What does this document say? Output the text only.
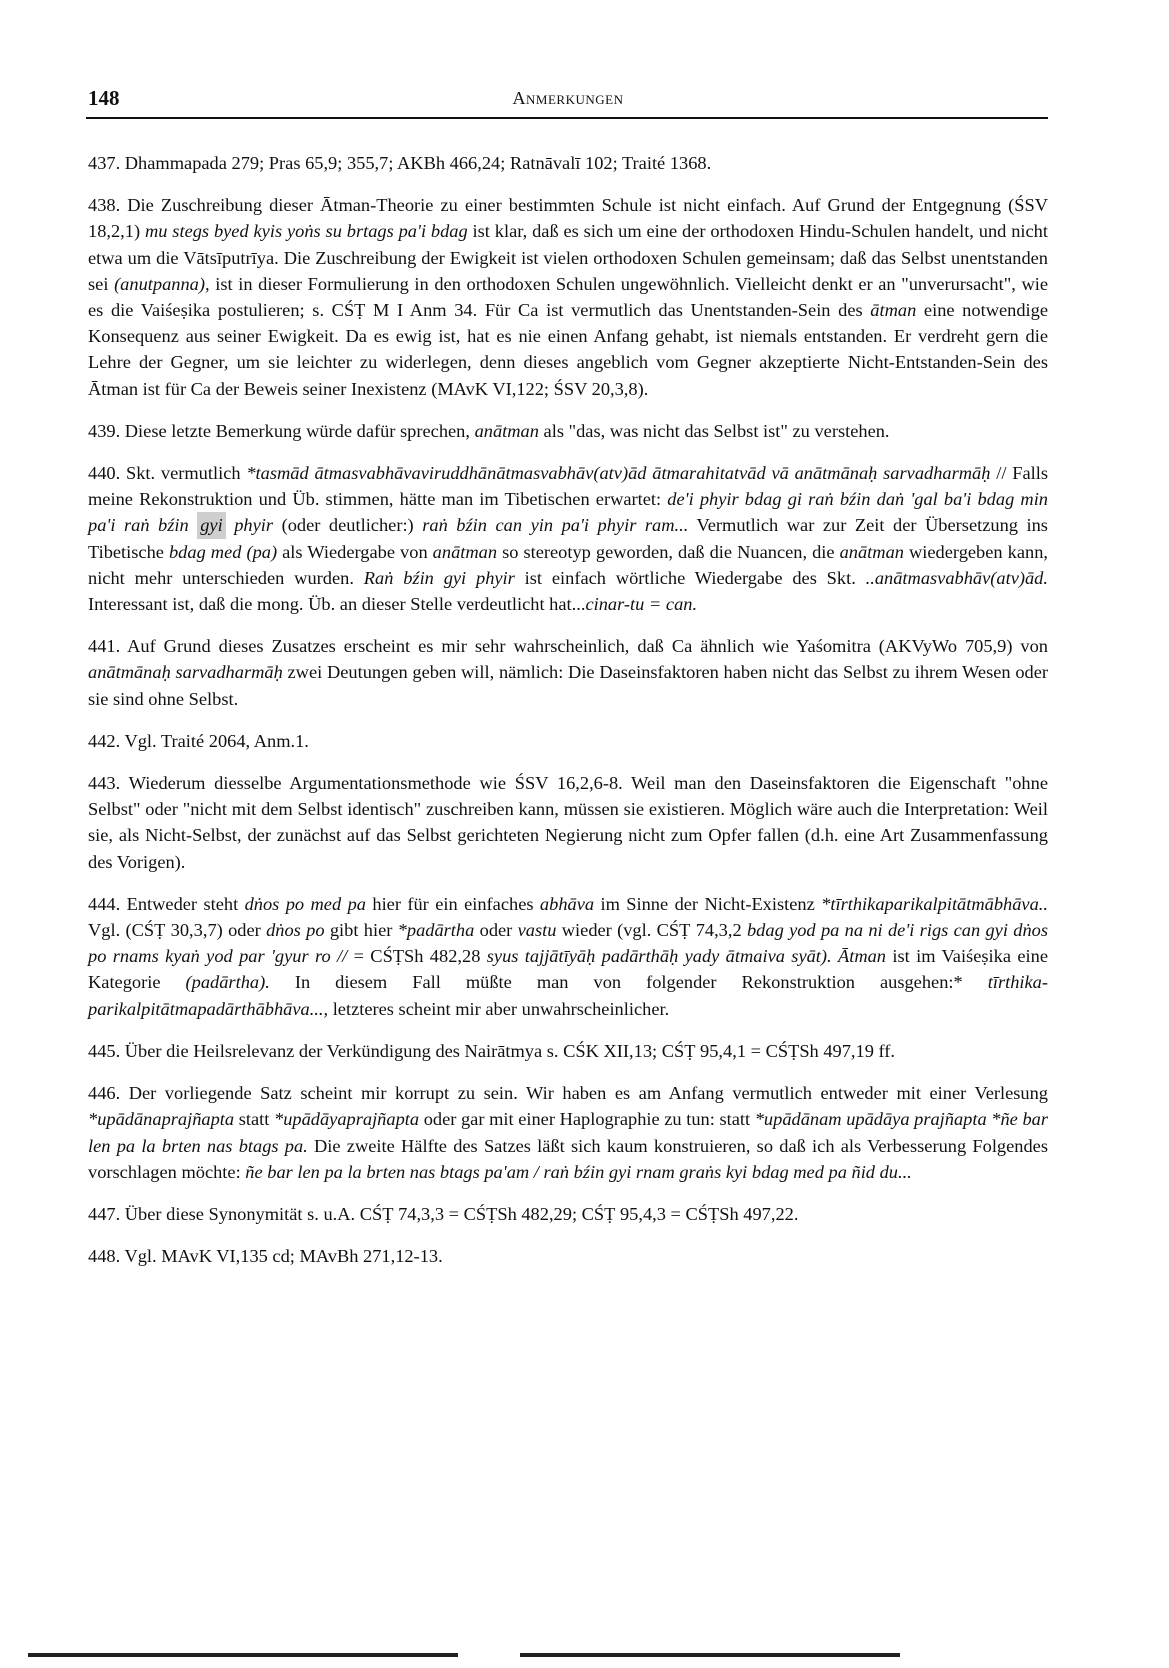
148	Anmerkungen

437. Dhammapada 279; Pras 65,9; 355,7; AKBh 466,24; Ratnāvalī 102; Traité 1368.

438. Die Zuschreibung dieser Ātman-Theorie zu einer bestimmten Schule ist nicht einfach. Auf Grund der Entgegnung (ŚSV 18,2,1) mu stegs byed kyis yoṅs su brtags pa'i bdag ist klar, daß es sich um eine der orthodoxen Hindu-Schulen handelt, und nicht etwa um die Vātsīputrīya. Die Zuschreibung der Ewigkeit ist vielen orthodoxen Schulen gemeinsam; daß das Selbst unentstanden sei (anutpanna), ist in dieser Formulierung in den orthodoxen Schulen ungewöhnlich. Vielleicht denkt er an "unverursacht", wie es die Vaiśeṣika postulieren; s. CŚṬ M I Anm 34. Für Ca ist vermutlich das Unentstanden-Sein des ātman eine notwendige Konsequenz aus seiner Ewigkeit. Da es ewig ist, hat es nie einen Anfang gehabt, ist niemals entstanden. Er verdreht gern die Lehre der Gegner, um sie leichter zu widerlegen, denn dieses angeblich vom Gegner akzeptierte Nicht-Entstanden-Sein des Ātman ist für Ca der Beweis seiner Inexistenz (MAvK VI,122; ŚSV 20,3,8).

439. Diese letzte Bemerkung würde dafür sprechen, anātman als "das, was nicht das Selbst ist" zu verstehen.

440. Skt. vermutlich *tasmād ātmasvabhāvaviruddhānātmasvabhāv(atv)ād ātmarahitatvād vā anātmānaḥ sarvadharmāḥ // Falls meine Rekonstruktion und Üb. stimmen, hätte man im Tibetischen erwartet: de'i phyir bdag gi raṅ bźin daṅ 'gal ba'i bdag min pa'i raṅ bźin gyi phyir (oder deutlicher:) raṅ bźin can yin pa'i phyir ram... Vermutlich war zur Zeit der Übersetzung ins Tibetische bdag med (pa) als Wiedergabe von anātman so stereotyp geworden, daß die Nuancen, die anātman wiedergeben kann, nicht mehr unterschieden wurden. Raṅ bźin gyi phyir ist einfach wörtliche Wiedergabe des Skt. ..anātmasvabhāv(atv)ād. Interessant ist, daß die mong. Üb. an dieser Stelle verdeutlicht hat...cinar-tu = can.

441. Auf Grund dieses Zusatzes erscheint es mir sehr wahrscheinlich, daß Ca ähnlich wie Yaśomitra (AKVyWo 705,9) von anātmānaḥ sarvadharmāḥ zwei Deutungen geben will, nämlich: Die Daseinsfaktoren haben nicht das Selbst zu ihrem Wesen oder sie sind ohne Selbst.

442. Vgl. Traité 2064, Anm.1.

443. Wiederum diesselbe Argumentationsmethode wie ŚSV 16,2,6-8. Weil man den Daseinsfaktoren die Eigenschaft "ohne Selbst" oder "nicht mit dem Selbst identisch" zuschreiben kann, müssen sie existieren. Möglich wäre auch die Interpretation: Weil sie, als Nicht-Selbst, der zunächst auf das Selbst gerichteten Negierung nicht zum Opfer fallen (d.h. eine Art Zusammenfassung des Vorigen).

444. Entweder steht dṅos po med pa hier für ein einfaches abhāva im Sinne der Nicht-Existenz *tīrthikaparikalpitātmābhāva.. Vgl. (CŚṬ 30,3,7) oder dṅos po gibt hier *padārtha oder vastu wieder (vgl. CŚṬ 74,3,2 bdag yod pa na ni de'i rigs can gyi dṅos po rnams kyaṅ yod par 'gyur ro // = CŚṬSh 482,28 syus tajjātīyāḥ padārthāḥ yady ātmaiva syāt). Ātman ist im Vaiśeṣika eine Kategorie (padārtha). In diesem Fall müßte man von folgender Rekonstruktion ausgehen:* tīrthika-parikalpitātmapadārthābhāva..., letzteres scheint mir aber unwahrscheinlicher.

445. Über die Heilsrelevanz der Verkündigung des Nairātmya s. CŚK XII,13; CŚṬ 95,4,1 = CŚṬSh 497,19 ff.

446. Der vorliegende Satz scheint mir korrupt zu sein. Wir haben es am Anfang vermutlich entweder mit einer Verlesung *upādānaprajñapta statt *upādāyaprajñapta oder gar mit einer Haplographie zu tun: statt *upādānam upādāya prajñapta *ñe bar len pa la brten nas btags pa. Die zweite Hälfte des Satzes läßt sich kaum konstruieren, so daß ich als Verbesserung Folgendes vorschlagen möchte: ñe bar len pa la brten nas btags pa'am / raṅ bźin gyi rnam graṅs kyi bdag med pa ñid du...

447. Über diese Synonymität s. u.A. CŚṬ 74,3,3 = CŚṬSh 482,29; CŚṬ 95,4,3 = CŚṬSh 497,22.

448. Vgl. MAvK VI,135 cd; MAvBh 271,12-13.
